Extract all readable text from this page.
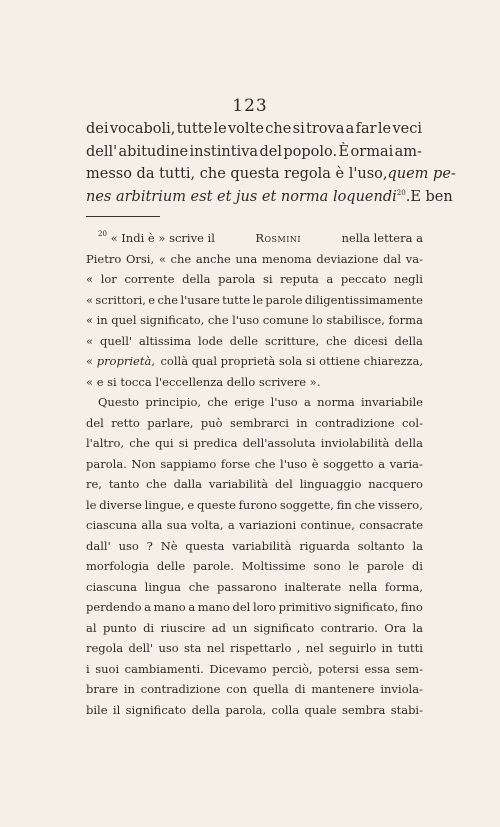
123
dei vocaboli, tutte le volte che si trova a far le veci
dell' abitudine instintiva del popolo. È ormai am-
messo da tutti, che questa regola è l'uso, quem pe-
nes arbitrium est et jus et norma loquendi$^{20}$. E ben
$^{20}$ « Indi è » scrive il	Rosmini	nella lettera a
Pietro Orsi, « che anche una menoma deviazione dal va-
« lor corrente della parola si reputa a peccato negli
« scrittori, e che l'usare tutte le parole diligentissimamente
« in quel significato, che l'uso comune lo stabilisce, forma
« quell' altissima lode delle scritture, che dicesi della
« proprietà, collà qual proprietà sola si ottiene chiarezza,
« e si tocca l'eccellenza dello scrivere ».
Questo principio, che erige l'uso a norma invariabile
del retto parlare, può sembrarci in contradizione col-
l'altro, che qui si predica dell'assoluta inviolabilità della
parola. Non sappiamo forse che l'uso è soggetto a varia-
re, tanto che dalla variabilità del linguaggio nacquero
le diverse lingue, e queste furono soggette, fin che vissero,
ciascuna alla sua volta, a variazioni continue, consacrate
dall' uso ? Nè questa variabilità riguarda soltanto la
morfologia delle parole. Moltissime sono le parole di
ciascuna lingua che passarono inalterate nella forma,
perdendo a mano a mano del loro primitivo significato, fino
al punto di riuscire ad un significato contrario. Ora la
regola dell' uso sta nel rispettarlo , nel seguirlo in tutti
i suoi cambiamenti. Dicevamo perciò, potersi essa sem-
brare in contradizione con quella di mantenere inviola-
bile il significato della parola, colla quale sembra stabi-
